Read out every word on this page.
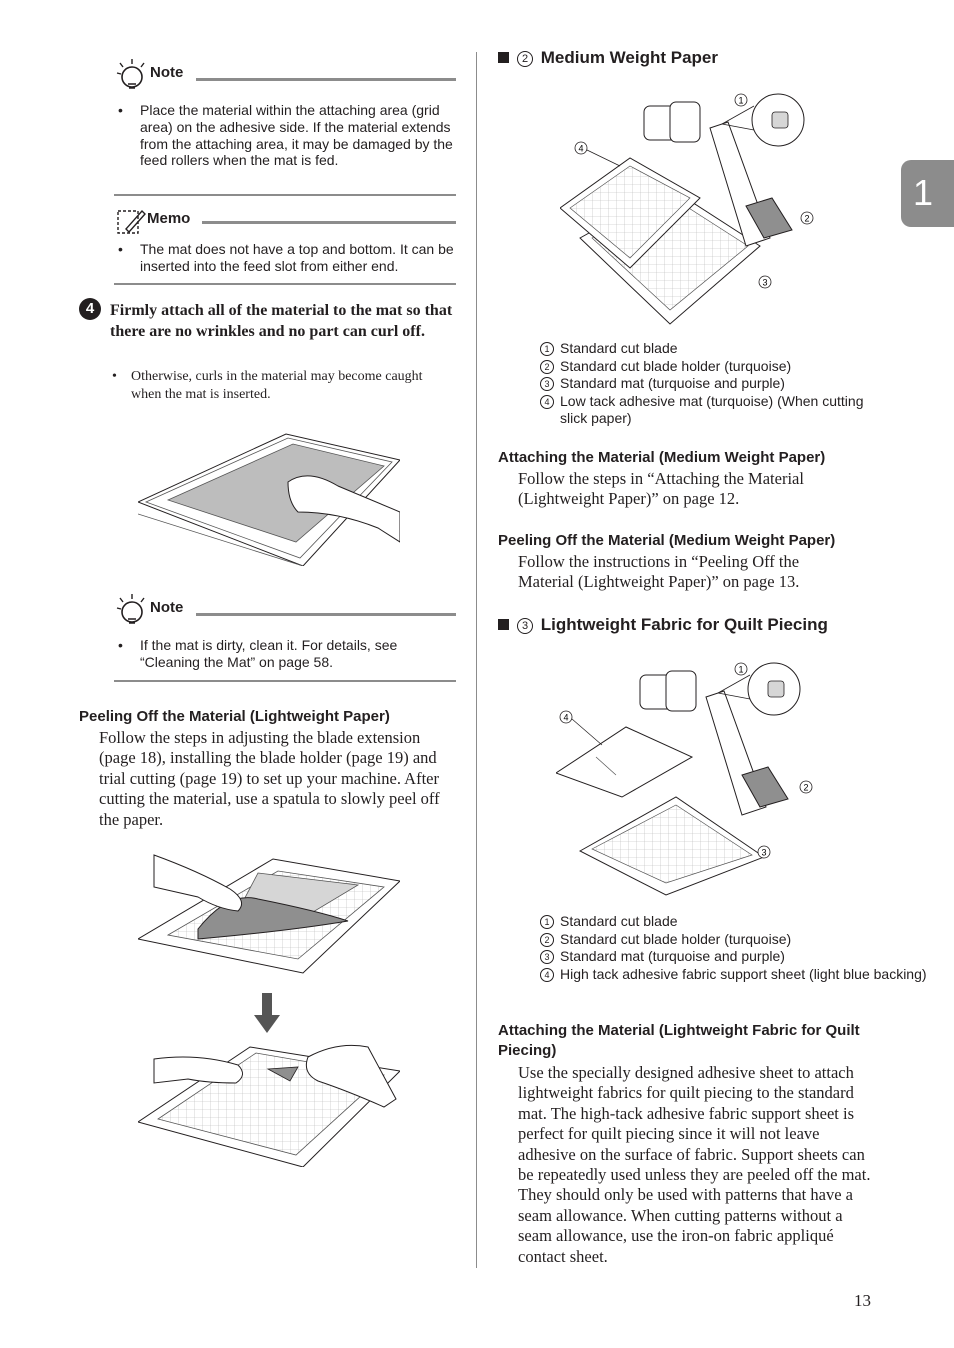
1
Note
• Place the material within the attaching area (grid area) on the adhesive side. If the material extends from the attaching area, it may be damaged by the feed rollers when the mat is fed.
Memo
• The mat does not have a top and bottom. It can be inserted into the feed slot from either end.
4 Firmly attach all of the material to the mat so that there are no wrinkles and no part can curl off.
• Otherwise, curls in the material may become caught when the mat is inserted.
Note
• If the mat is dirty, clean it. For details, see “Cleaning the Mat” on page 58.
Peeling Off the Material (Lightweight Paper)
Follow the steps in adjusting the blade extension (page 18), installing the blade holder (page 19) and trial cutting (page 19) to set up your machine. After cutting the material, use a spatula to slowly peel off the paper.
2 Medium Weight Paper
1
2
3
4
1 Standard cut blade
2 Standard cut blade holder (turquoise)
3 Standard mat (turquoise and purple)
4 Low tack adhesive mat (turquoise) (When cutting slick paper)
Attaching the Material (Medium Weight Paper)
Follow the steps in “Attaching the Material (Lightweight Paper)” on page 12.
Peeling Off the Material (Medium Weight Paper)
Follow the instructions in “Peeling Off the Material (Lightweight Paper)” on page 13.
3 Lightweight Fabric for Quilt Piecing
1
2
3
4
1 Standard cut blade
2 Standard cut blade holder (turquoise)
3 Standard mat (turquoise and purple)
4 High tack adhesive fabric support sheet (light blue backing)
Attaching the Material (Lightweight Fabric for Quilt Piecing)
Use the specially designed adhesive sheet to attach lightweight fabrics for quilt piecing to the standard mat. The high-tack adhesive fabric support sheet is perfect for quilt piecing since it will not leave adhesive on the surface of fabric. Support sheets can be repeatedly used unless they are peeled off the mat. They should only be used with patterns that have a seam allowance. When cutting patterns without a seam allowance, use the iron-on fabric appliqué contact sheet.
13
